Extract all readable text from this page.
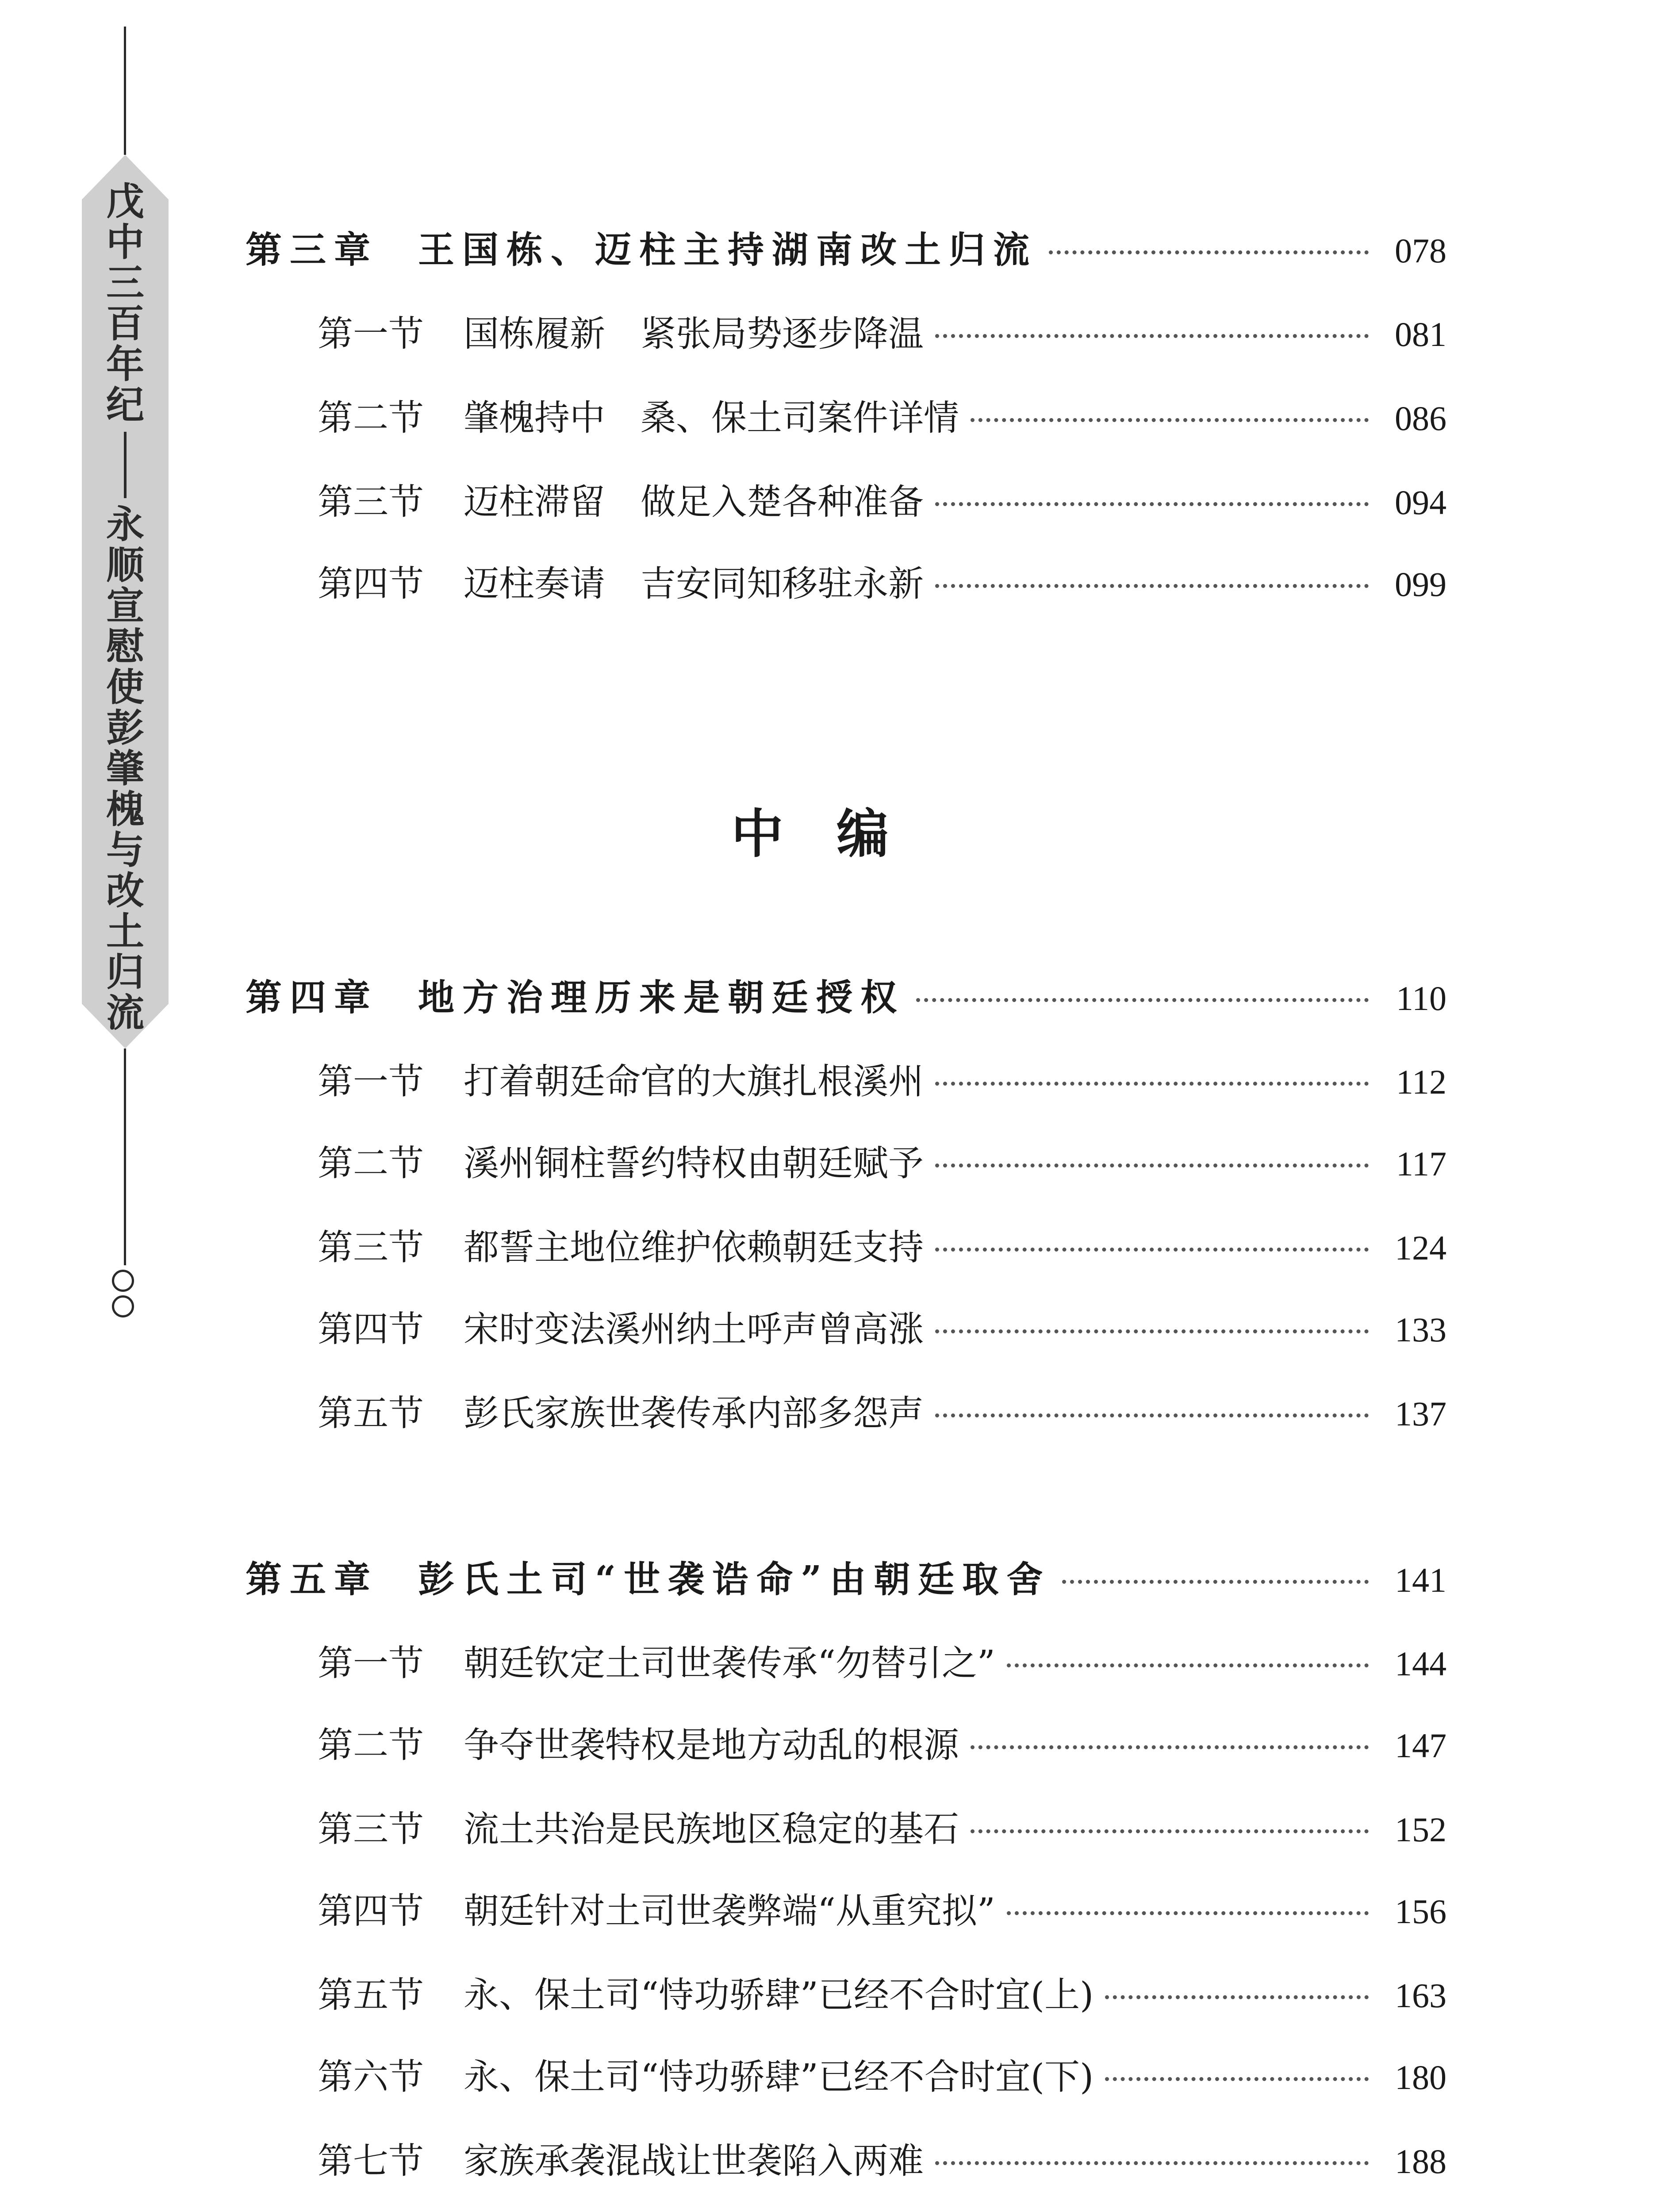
戊
中
三
百
年
纪
永
顺
宣
慰
使
彭
肇
槐
与
改
土
归
流
第三章	王国栋、迈柱主持湖南改土归流	078
第一节	国栋履新　紧张局势逐步降温	081
第二节	肇槐持中　桑、保土司案件详情	086
第三节	迈柱滞留　做足入楚各种准备	094
第四节	迈柱奏请　吉安同知移驻永新	099
中编
第四章	地方治理历来是朝廷授权	110
第一节	打着朝廷命官的大旗扎根溪州	112
第二节	溪州铜柱誓约特权由朝廷赋予	117
第三节	都誓主地位维护依赖朝廷支持	124
第四节	宋时变法溪州纳土呼声曾高涨	133
第五节	彭氏家族世袭传承内部多怨声	137
第五章	彭氏土司“世袭诰命”由朝廷取舍	141
第一节	朝廷钦定土司世袭传承“勿替引之”	144
第二节	争夺世袭特权是地方动乱的根源	147
第三节	流土共治是民族地区稳定的基石	152
第四节	朝廷针对土司世袭弊端“从重究拟”	156
第五节	永、保土司“恃功骄肆”已经不合时宜(上)	163
第六节	永、保土司“恃功骄肆”已经不合时宜(下)	180
第七节	家族承袭混战让世袭陷入两难	188
